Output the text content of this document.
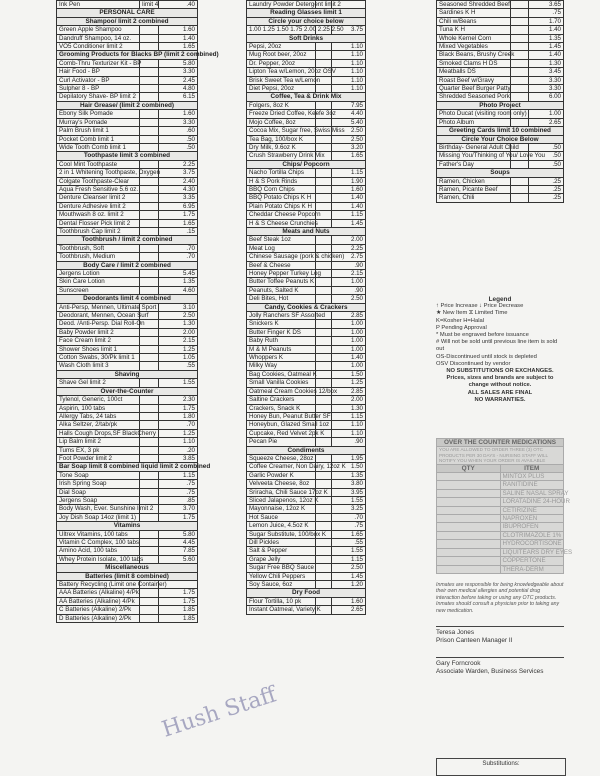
Ink Pen	limit 4	.40
PERSONAL CARE		
Shampoo/ limit 2 combined		
Green Apple Shampoo		1.60
Dandruff Shampoo, 14 oz.		1.40
VO5 Conditioner limit 2		1.65
Grooming Products for Blacks BP (limit 2 combined)		
Comb-Thru Texturizer Kit - BP		5.80
Hair Food - BP		3.30
Curl Activator - BP		2.45
Sulpher 8 - BP		4.80
Depilatory Shave- BP limit 2		6.15
Hair Grease/ (limit 2 combined)		
Ebony Silk Pomade		1.60
Murray's Pomade		3.30
Palm Brush limit 1		.60
Pocket Comb limit 1		.50
Wide Tooth Comb limit 1		.50
Toothpaste limit 3 combined		
Cool Mint Toothpaste		2.25
2 in 1 Whitening Toothpaste, Oxygen		3.75
Colgate Toothpaste-Clear		2.40
Aqua Fresh Sensitive 5.6 oz.		4.30
Denture Cleanser limit 2		3.35
Denture Adhesive limit 2		6.95
Mouthwash 8 oz. limit 2		1.75
Dental Flosser Pick limit 2		1.65
Toothbrush Cap limit 2		.15
Toothbrush / limit 2 combined		
Toothbrush, Soft		.70
Toothbrush, Medium		.70
Body Care / limit 2 combined		
Jergens Lotion		5.45
Skin Care Lotion		1.35
Sunscreen		4.60
Deodorants limit 4 combined		
Anti-Persp, Mennen, Ultimate Sport		3.10
Deodorant, Mennen, Ocean Surf		2.50
Deod. /Anti-Persp. Dial Roll-On		1.30
Baby Powder limit 2		2.00
Face Cream limit 2		2.15
Shower Shoes limit 1		1.25
Cotton Swabs, 30/Pk limit 1		1.05
Wash Cloth limit 3		.55
Shaving		
Shave Gel limit 2		1.55
Over-the-Counter		
Tylenol, Generic, 100ct		2.30
Aspirin, 100 tabs		1.75
Allergy Tabs, 24 tabs		1.80
Alka Seltzer, 2/tab/pk		.70
Halls Cough Drops,SF BlackCherry		1.25
Lip Balm limit 2		1.10
Tums EX, 3 pk		.20
Foot Powder limit 2		3.85
Bar Soap limit 8 combined liquid limit 2 combined		
Tone Soap		1.15
Irish Spring Soap		.75
Dial Soap		.75
Jergens Soap		.85
Body Wash, Ever. Sunshine limit 2		3.70
Joy Dish Soap 14oz (limit 1)		1.75
Vitamins		
Ultrex Vitamins, 100 tabs		5.80
Vitamin C Complex, 100 tabs		4.45
Amino Acid, 100 tabs		7.85
Whey Protein Isolate, 100 tabs		5.60
Miscellaneous		
Batteries (limit 8 combined)		
Battery Recycling (Limit one Container)		
AAA Batteries (Alkaline) 4/Pk		1.75
AA Batteries (Alkaline) 4/Pk		1.75
C Batteries (Alkaline) 2/Pk		1.85
D Batteries (Alkaline) 2/Pk		1.85
Laundry Powder Detergent limit 2		
Reading Glasses limit 1		
Circle your choice below		
1.00 1.25 1.50 1.75 2.00 2.25 2.50		3.75
Soft Drinks		
Pepsi, 20oz		1.10
Mug Root beer, 20oz		1.10
Dr. Pepper, 20oz		1.10
Lipton Tea w/Lemon, 20oz OSV		1.10
Brisk Sweet Tea w/Lemon		1.10
Diet Pepsi, 20oz		1.10
Coffee, Tea & Drink Mix		
Folgers, 8oz K		7.95
Freeze Dried Coffee, Keefe 3oz		4.40
Mojo Coffee, 8oz		5.40
Cocoa Mix, Sugar free, Swiss Miss		2.50
Tea Bag, 100/box K		2.50
Dry Milk, 9.6oz K		3.20
Crush Strawberry Drink Mix		1.65
Chips/ Popcorn		
Nacho Tortilla Chips		1.15
H & S Pork Rinds		1.90
BBQ Corn Chips		1.60
BBQ Potato Chips K H		1.40
Plain Potato Chips K H		1.40
Cheddar Cheese Popcorn		1.15
H & S Cheese Crunchies		1.45
Meats and Nuts		
Beef Steak 1oz		2.00
Meat Log		2.25
Chinese Sausage (pork & chicken)		2.75
Beef & Cheese		.90
Honey Pepper Turkey Log		2.15
Butter Toffee Peanuts K		1.00
Peanuts, Salted K		.90
Deli Bites, Hot		2.50
Candy, Cookies & Crackers		
Jolly Ranchers SF Assorted		2.85
Snickers K		1.00
Butter Finger K DS		1.00
Baby Ruth		1.00
M & M Peanuts		1.00
Whoppers K		1.40
Milky Way		1.00
Bag Cookies, Oatmeal K		1.50
Small Vanilla Cookies		1.25
Oatmeal Cream Cookies 12/box		2.85
Saltine Crackers		2.00
Crackers, Snack K		1.30
Honey Bun, Peanut Butter SF		1.15
Honeybun, Glazed Small 1oz		1.10
Cupcake, Red Velvet 2pk K		1.10
Pecan Pie		.90
Condiments		
Squeeze Cheese, 28oz		1.95
Coffee Creamer, Non Dairy, 12oz K		1.50
Garlic Powder K		1.35
Velveeta Cheese, 8oz		3.80
Sriracha, Chili Sauce 17oz K		3.95
Sliced Jalapenos, 12oz K		1.55
Mayonnaise, 12oz K		3.25
Hot Sauce		.70
Lemon Juice, 4.5oz K		.75
Sugar Substitute, 100/box K		1.65
Dill Pickles		.55
Salt & Pepper		1.55
Grape Jelly		1.15
Sugar Free BBQ Sauce		2.50
Yellow Chili Peppers		1.45
Soy Sauce, 6oz		1.20
Dry Food		
Flour Tortilla, 10 pk		1.60
Instant Oatmeal, Variety K		2.65
Seasoned Shredded Beef		3.65
Sardines K H		.75
Chili w/Beans		1.70
Tuna K H		1.40
Whole Kernel Corn		1.35
Mixed Vegetables		1.45
Black Beans, Brushy Creek		1.40
Smoked Clams H DS		1.30
Meatballs DS		3.45
Roast Beef w/Gravy		3.30
Quarter Beef Burger Patty		3.30
Shredded Seasoned Pork		6.00
Photo Project		
Photo Ducat (visiting room only)		1.00
Photo Album		2.65
Greeting Cards limit 10 combined		
Circle Your Choice Below		
Birthday- General Adult Child		.50
Missing You/Thinking of You/ Love You		.50
Father's Day		.50
Soups		
Ramen, Chicken		.25
Ramen, Picante Beef		.25
Ramen, Chili		.25
Legend
↑ Price Increase ↓ Price Decrease
★ New Item ⧖ Limited Time
K=Kosher H=Halal
P Pending Approval
* Must be engraved before issuance
# Will not be sold until previous line item is sold out
OS-Discontinued until stock is depleted
OSV Discontinued by vendor
NO SUBSTITUTIONS OR EXCHANGES.
Prices, sizes and brands are subject to change without notice.
ALL SALES ARE FINAL
NO WARRANTIES.
OVER THE COUNTER MEDICATIONS	
YOU ARE ALLOWED TO ORDER THREE (3) OTC PRODUCTS PER 30 DAYS - NURSING STAFF WILL NOTIFY YOU WHEN YOUR ORDER IS AVAILABLE	
QTY	ITEM
	MINTOX PLUS
	RANITIDINE
	SALINE NASAL SPRAY
	LORATADINE 24-HOUR
	CETIRIZINE
	NAPROXEN
	IBUPROFEN
	CLOTRIMAZOLE 1%
	HYDROCORTISONE
	LIQUITEARS DRY EYES
	COPPERTONE
	THERA-DERM
Inmates are responsible for being knowledgeable about their own medical allergies and potential drug interaction before taking or using any OTC products. Inmates should consult a physician prior to taking any new medication.
Teresa Jones
Prison Canteen Manager II
Gary Forncrook
Associate Warden, Business Services
Substitutions:
Hush Staff
